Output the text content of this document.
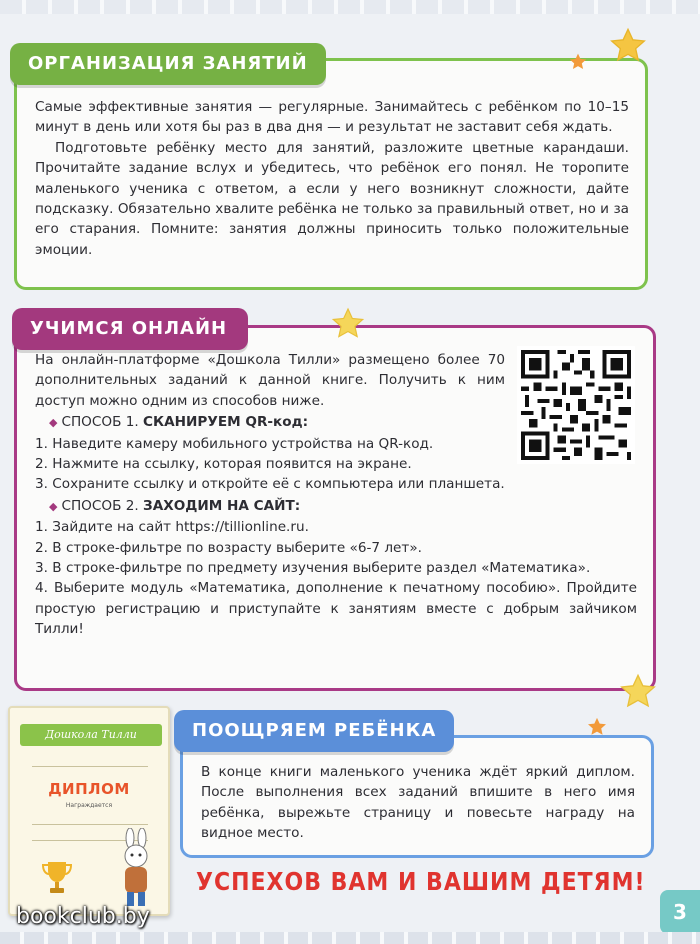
Самые эффективные занятия — регулярные. Занимайтесь с ребёнком по 10–15 минут в день или хотя бы раз в два дня — и результат не заставит себя ждать.

Подготовьте ребёнку место для занятий, разложите цветные карандаши. Прочитайте задание вслух и убедитесь, что ребёнок его понял. Не торопите маленького ученика с ответом, а если у него возникнут сложности, дайте подсказку. Обязательно хвалите ребёнка не только за правильный ответ, но и за его старания. Помните: занятия должны приносить только положительные эмоции.

ОРГАНИЗАЦИЯ ЗАНЯТИЙ

На онлайн-платформе «Дошкола Тилли» размещено более 70 дополнительных заданий к данной книге. Получить к ним доступ можно одним из способов ниже.

◆ СПОСОБ 1. СКАНИРУЕМ QR-код:
1. Наведите камеру мобильного устройства на QR-код.
2. Нажмите на ссылку, которая появится на экране.
3. Сохраните ссылку и откройте её с компьютера или планшета.
◆ СПОСОБ 2. ЗАХОДИМ НА САЙТ:
1. Зайдите на сайт https://tillionline.ru.
2. В строке-фильтре по возрасту выберите «6-7 лет».
3. В строке-фильтре по предмету изучения выберите раздел «Математика».
4. Выберите модуль «Математика, дополнение к печатному пособию». Пройдите простую регистрацию и приступайте к занятиям вместе с добрым зайчиком Тилли!
УЧИМСЯ ОНЛАЙН
Дошкола Тилли
ДИПЛОМ
Награждается

В конце книги маленького ученика ждёт яркий диплом. После выполнения всех заданий впишите в него имя ребёнка, вырежьте страницу и повесьте награду на видное место.

ПООЩРЯЕМ РЕБЁНКА
УСПЕХОВ ВАМ И ВАШИМ ДЕТЯМ!
3
bookclub.by
